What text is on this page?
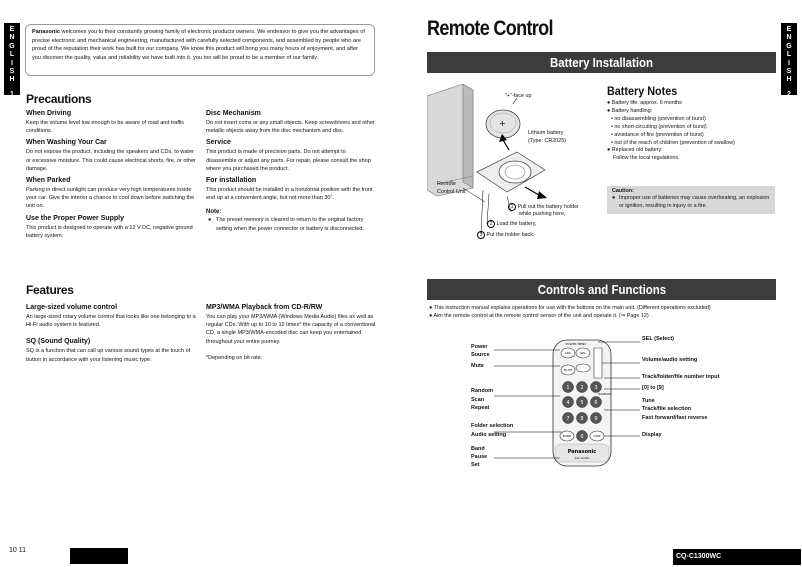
E
N
G
L
I
S
H
1
E
N
G
L
I
S
H
2
Panasonic welcomes you to their constantly growing family of electronic products owners. We endeavor to give you the advantages of precise electronic and mechanical engineering, manufactured with carefully selected components, and assembled by people who are proud of the reputation their work has built for our company. We know this product will bring you many hours of enjoyment, and after you discover the quality, value and reliability we have built into it, you too will be proud to be a member of our family.
Precautions
When Driving
Keep the volume level low enough to be aware of road and traffic conditions.
When Washing Your Car
Do not expose the product, including the speakers and CDs, to water or excessive moisture. This could cause electrical shorts, fire, or other damage.
When Parked
Parking in direct sunlight can produce very high temperatures inside your car. Give the interior a chance to cool down before switching the unit on.
Use the Proper Power Supply
This product is designed to operate with a 12 V DC, negative ground battery system.
Disc Mechanism
Do not insert coins or any small objects. Keep screwdrivers and other metallic objects away from the disc mechanism and disc.
Service
This product is made of precision parts. Do not attempt to disassemble or adjust any parts. For repair, please consult the shop where you purchased the product.
For installation
This product should be installed in a horizontal position with the front end up at a convenient angle, but not more than 30˚.
Note:
● The preset memory is cleared to return to the original factory setting when the power connector or battery is disconnected.
Features
Large-sized volume control
An large-sized rotary volume control that looks like one belonging to a Hi-Fi audio system is featured.
SQ (Sound Quality)
SQ is a function that can call up various sound types at the touch of button in accordance with your listening music type.
MP3/WMA Playback from CD-R/RW
You can play your MP3/WMA (Windows Media Audio) files as well as regular CDs. With up to 10 to 12 times* the capacity of a conventional CD, a single MP3/WMA-encoded disc can keep you entertained throughout your entire journey.
*Depending on bit rate.
Remote Control
Battery Installation
+
"+"-face up
Lithium battery
(Type: CR2025)
Remote
Control Unit
1 Pull out the battery holder
while pushing here,
2 Load the battery,
3 Put the holder back.
Battery Notes
● Battery life: approx. 6 months
● Battery handling:
• no disassembling (prevention of burst)
• no short-circuiting (prevention of burst)
• avoidance of fire (prevention of burst)
• out of the reach of children (prevention of swallow)
● Replaced old battery:
Follow the local regulations.
Caution:
● Improper use of batteries may cause overheating, an explosion or ignition, resulting in injury or a fire.
Controls and Functions
● This instruction manual explains operations for use with the buttons on the main unit. (Different operations excluded)
● Aim the remote control at the remote control sensor of the unit and operate it. (⇒ Page 12)
1 2 3
4 5 6
7 8 9
0
POWER MENU
SRC	SEL
MUTE
BAND	DISP
RANDOM
Panasonic
Car Audio
Power
Source
Mute
Random
Scan
Repeat
Folder selection
Audio setting
Band
Pause
Set
SEL (Select)
Volume/audio setting
Track/folder/file number input
[0] to [9]
Tune
Track/file selection
Fast forward/fast reverse
Display
10 11
CQ-C1300WC
